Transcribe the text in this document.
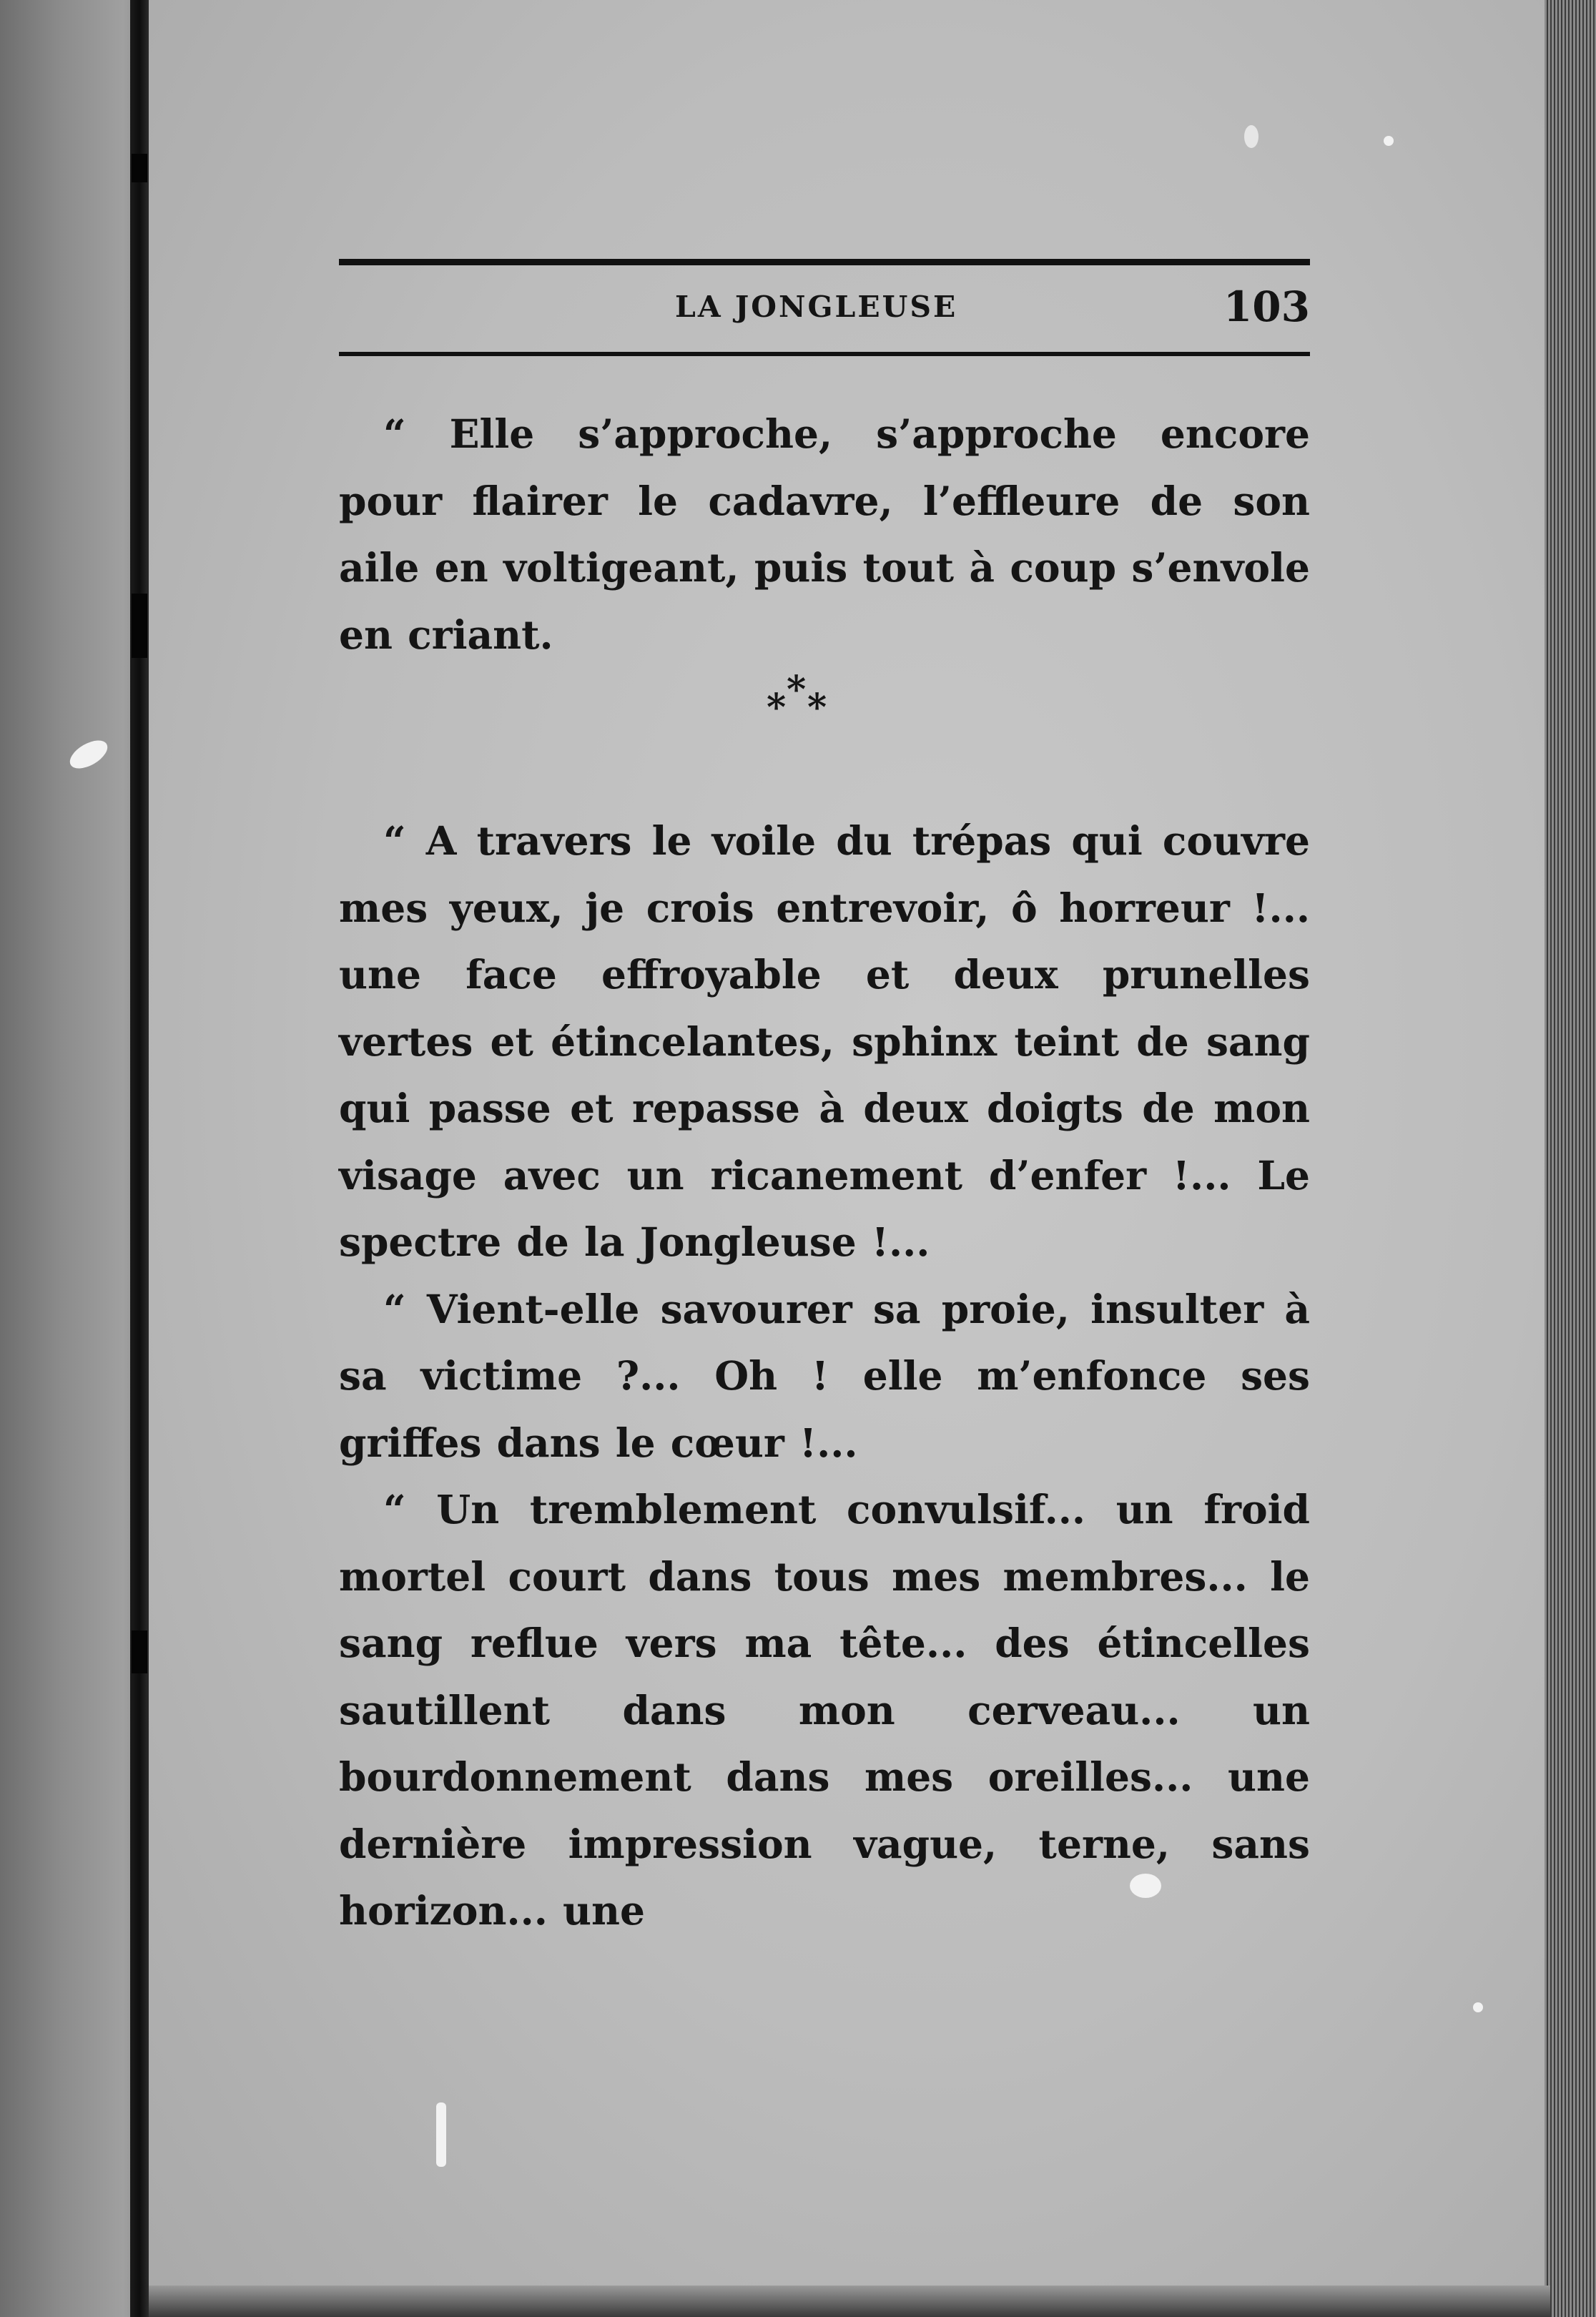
LA JONGLEUSE	103

“ Elle s’approche, s’approche encore pour flairer le cadavre, l’effleure de son aile en voltigeant, puis tout à coup s’envole en criant.

*
* *

“ A travers le voile du trépas qui couvre mes yeux, je crois entrevoir, ô horreur !... une face effroyable et deux prunelles vertes et étincelantes, sphinx teint de sang qui passe et repasse à deux doigts de mon visage avec un ricanement d’enfer !... Le spectre de la Jongleuse !...

“ Vient-elle savourer sa proie, insulter à sa victime ?... Oh ! elle m’enfonce ses griffes dans le cœur !...

“ Un tremblement convulsif... un froid mortel court dans tous mes membres... le sang reflue vers ma tête... des étincelles sautillent dans mon cerveau... un bourdonnement dans mes oreilles... une dernière impression vague, terne, sans horizon... une
